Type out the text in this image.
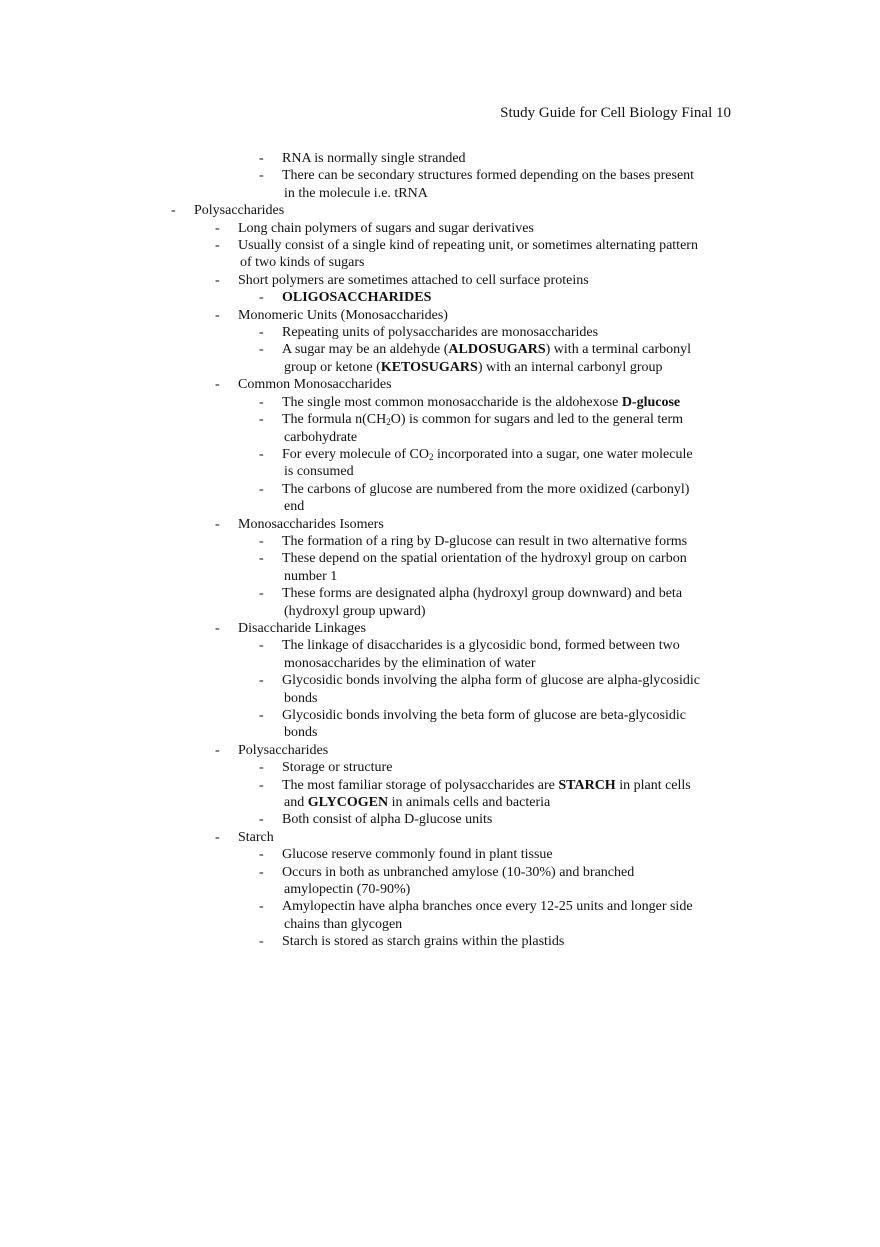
Study Guide for Cell Biology Final 10
- RNA is normally single stranded
- There can be secondary structures formed depending on the bases present
in the molecule i.e. tRNA
- Polysaccharides
- Long chain polymers of sugars and sugar derivatives
- Usually consist of a single kind of repeating unit, or sometimes alternating pattern
of two kinds of sugars
- Short polymers are sometimes attached to cell surface proteins
- OLIGOSACCHARIDES
- Monomeric Units (Monosaccharides)
- Repeating units of polysaccharides are monosaccharides
- A sugar may be an aldehyde (ALDOSUGARS) with a terminal carbonyl
group or ketone (KETOSUGARS) with an internal carbonyl group
- Common Monosaccharides
- The single most common monosaccharide is the aldohexose D-glucose
- The formula $n(CH_2O)$ is common for sugars and led to the general term
carbohydrate
- For every molecule of $CO_2$ incorporated into a sugar, one water molecule
is consumed
- The carbons of glucose are numbered from the more oxidized (carbonyl)
end
- Monosaccharides Isomers
- The formation of a ring by D-glucose can result in two alternative forms
- These depend on the spatial orientation of the hydroxyl group on carbon
number 1
- These forms are designated alpha (hydroxyl group downward) and beta
(hydroxyl group upward)
- Disaccharide Linkages
- The linkage of disaccharides is a glycosidic bond, formed between two
monosaccharides by the elimination of water
- Glycosidic bonds involving the alpha form of glucose are alpha-glycosidic
bonds
- Glycosidic bonds involving the beta form of glucose are beta-glycosidic
bonds
- Polysaccharides
- Storage or structure
- The most familiar storage of polysaccharides are STARCH in plant cells
and GLYCOGEN in animals cells and bacteria
- Both consist of alpha D-glucose units
- Starch
- Glucose reserve commonly found in plant tissue
- Occurs in both as unbranched amylose (10-30%) and branched
amylopectin (70-90%)
- Amylopectin have alpha branches once every 12-25 units and longer side
chains than glycogen
- Starch is stored as starch grains within the plastids
